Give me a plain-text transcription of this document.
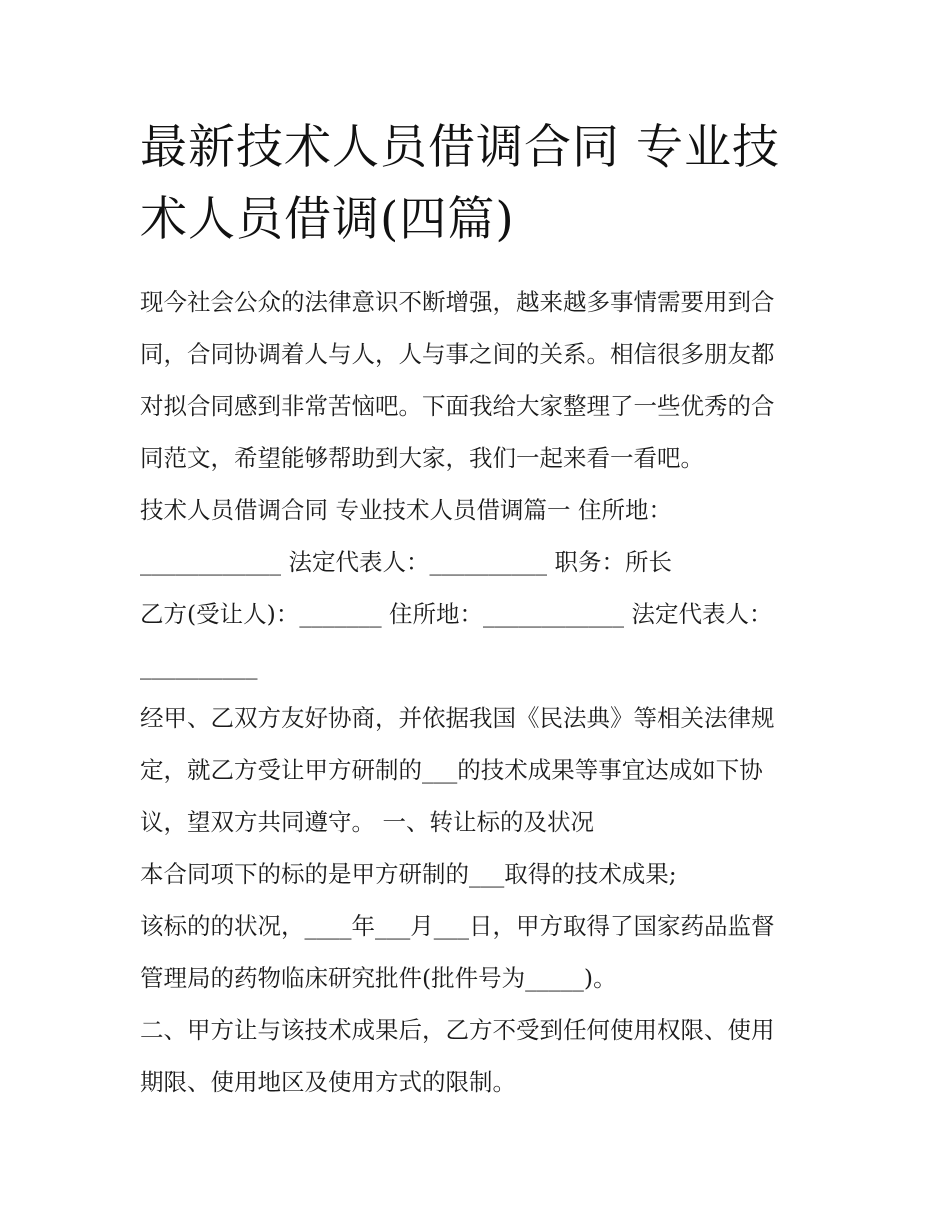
最新技术人员借调合同 专业技
术人员借调(四篇)
现今社会公众的法律意识不断增强，越来越多事情需要用到合
同，合同协调着人与人，人与事之间的关系。相信很多朋友都
对拟合同感到非常苦恼吧。下面我给大家整理了一些优秀的合
同范文，希望能够帮助到大家，我们一起来看一看吧。
技术人员借调合同 专业技术人员借调篇一 住所地：
____________ 法定代表人：__________ 职务：所长
乙方(受让人)：_______ 住所地：____________ 法定代表人：
__________
经甲、乙双方友好协商，并依据我国《民法典》等相关法律规
定，就乙方受让甲方研制的___的技术成果等事宜达成如下协
议，望双方共同遵守。 一、转让标的及状况
本合同项下的标的是甲方研制的___取得的技术成果;
该标的的状况，____年___月___日，甲方取得了国家药品监督
管理局的药物临床研究批件(批件号为_____)。
二、甲方让与该技术成果后，乙方不受到任何使用权限、使用
期限、使用地区及使用方式的限制。
